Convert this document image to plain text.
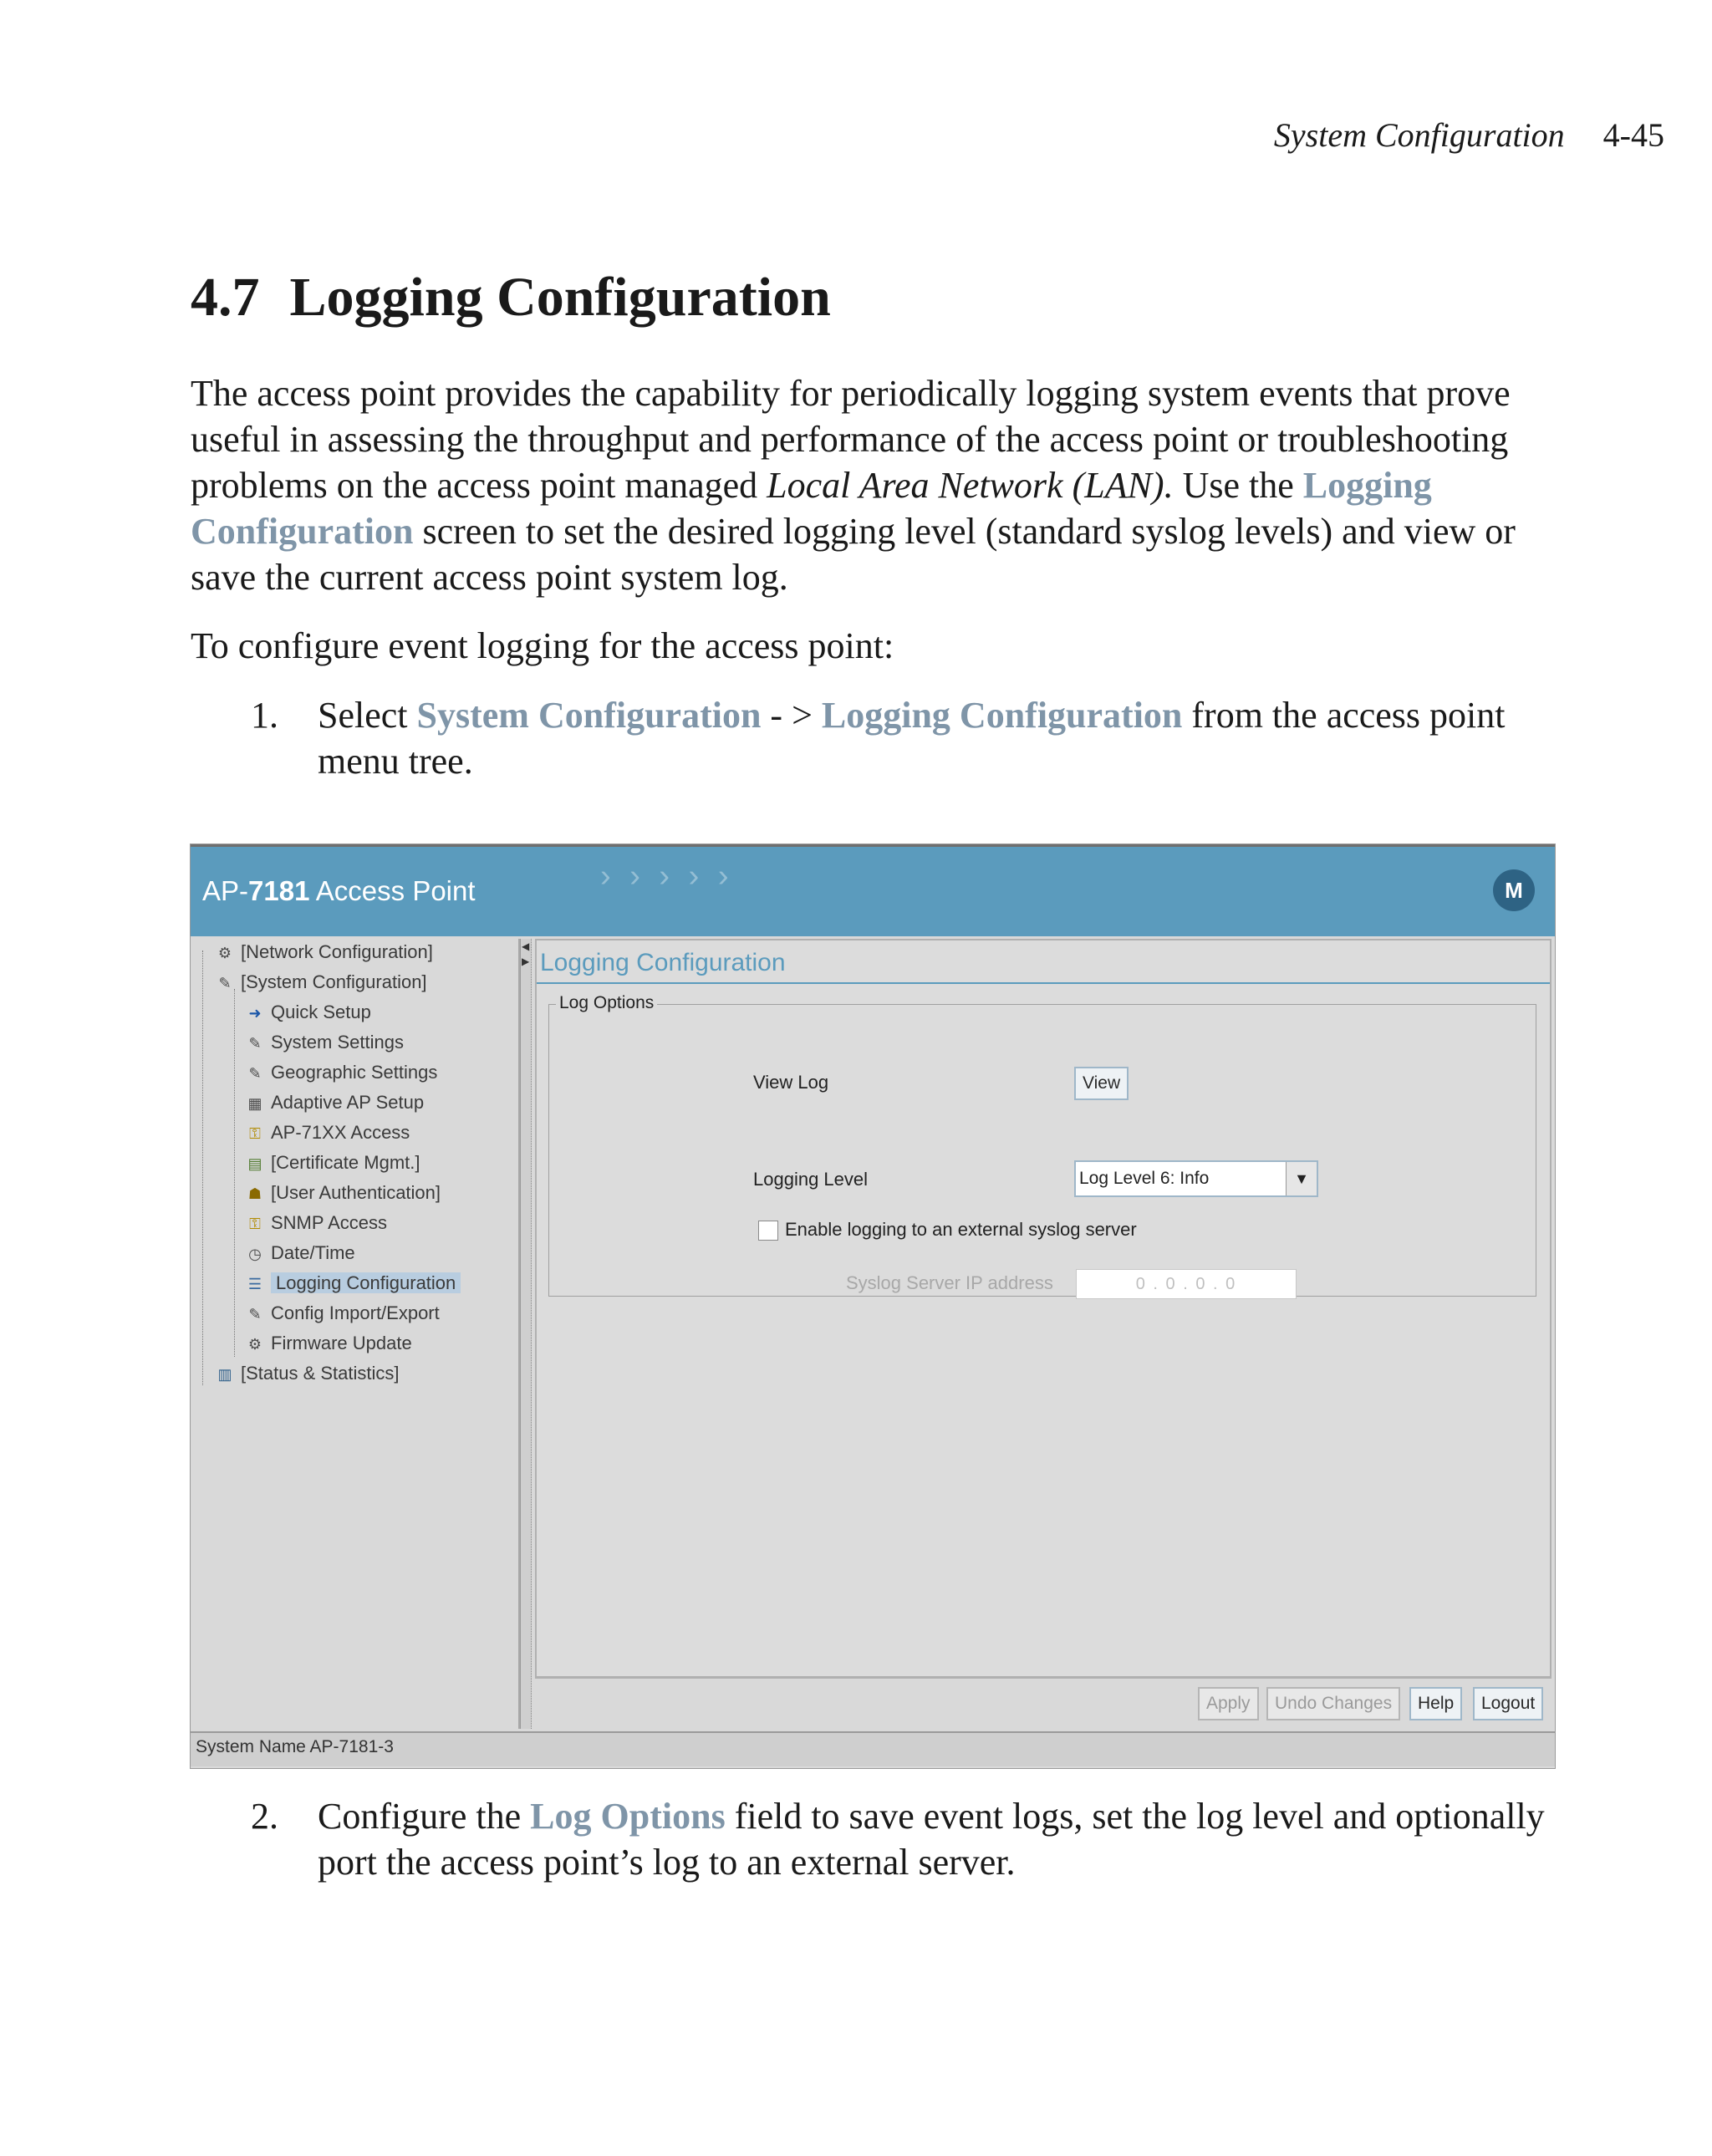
System Configuration 4-45
4.7 Logging Configuration

The access point provides the capability for periodically logging system events that prove useful in assessing the throughput and performance of the access point or troubleshooting problems on the access point managed Local Area Network (LAN). Use the Logging Configuration screen to set the desired logging level (standard syslog levels) and view or save the current access point system log.

To configure event logging for the access point:

1. Select System Configuration - > Logging Configuration from the access point menu tree.
AP-7181 Access Point	› › › › ›	M
⚙ [Network Configuration]
✎ [System Configuration]
➜ Quick Setup
✎ System Settings
✎ Geographic Settings
▦ Adaptive AP Setup
⚿ AP-71XX Access
▤ [Certificate Mgmt.]
☗ [User Authentication]
⚿ SNMP Access
◷ Date/Time
☰ Logging Configuration
✎ Config Import/Export
⚙ Firmware Update
▥ [Status & Statistics]
◀
▶ Logging Configuration
Log Options
View Log	View
Logging Level	Log Level 6: Info	▼
Enable logging to an external syslog server
Syslog Server IP address	0 . 0 . 0 . 0
Apply	Undo Changes	Help	Logout
System Name AP-7181-3
2. Configure the Log Options field to save event logs, set the log level and optionally port the access point’s log to an external server.
